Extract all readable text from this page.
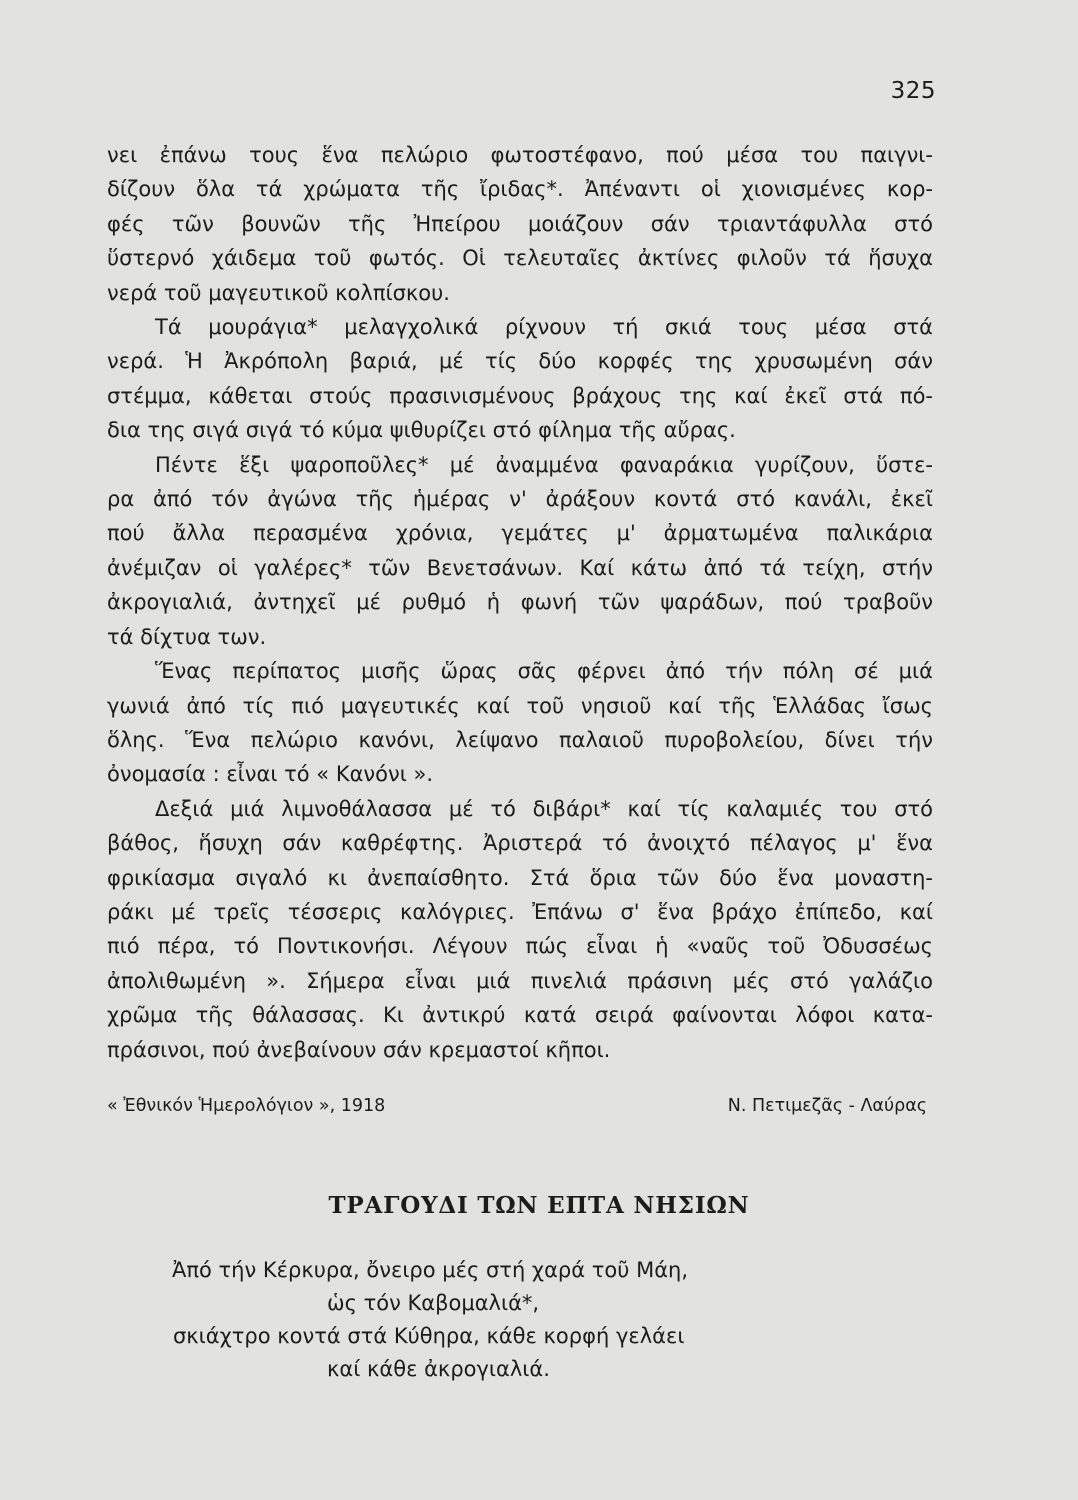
325

νει ἐπάνω τους ἕνα πελώριο φωτοστέφανο, πού μέσα του παιγνι-
δίζουν ὅλα τά χρώματα τῆς ἴριδας*. Ἀπέναντι οἱ χιονισμένες κορ-
φές τῶν βουνῶν τῆς Ἠπείρου μοιάζουν σάν τριαντάφυλλα στό
ὕστερνό χάιδεμα τοῦ φωτός. Οἱ τελευταῖες ἀκτίνες φιλοῦν τά ἥσυχα
νερά τοῦ μαγευτικοῦ κολπίσκου.

Τά μουράγια* μελαγχολικά ρίχνουν τή σκιά τους μέσα στά
νερά. Ἡ Ἀκρόπολη βαριά, μέ τίς δύο κορφές της χρυσωμένη σάν
στέμμα, κάθεται στούς πρασινισμένους βράχους της καί ἐκεῖ στά πό-
δια της σιγά σιγά τό κύμα ψιθυρίζει στό φίλημα τῆς αὔρας.

Πέντε ἕξι ψαροποῦλες* μέ ἀναμμένα φαναράκια γυρίζουν, ὕστε-
ρα ἀπό τόν ἀγώνα τῆς ἡμέρας ν' ἀράξουν κοντά στό κανάλι, ἐκεῖ
πού ἄλλα περασμένα χρόνια, γεμάτες μ' ἀρματωμένα παλικάρια
ἀνέμιζαν οἱ γαλέρες* τῶν Βενετσάνων. Καί κάτω ἀπό τά τείχη, στήν
ἀκρογιαλιά, ἀντηχεῖ μέ ρυθμό ἡ φωνή τῶν ψαράδων, πού τραβοῦν
τά δίχτυα των.

Ἕνας περίπατος μισῆς ὥρας σᾶς φέρνει ἀπό τήν πόλη σέ μιά
γωνιά ἀπό τίς πιό μαγευτικές καί τοῦ νησιοῦ καί τῆς Ἑλλάδας ἴσως
ὅλης. Ἕνα πελώριο κανόνι, λείψανο παλαιοῦ πυροβολείου, δίνει τήν
ὀνομασία : εἶναι τό « Κανόνι ».

Δεξιά μιά λιμνοθάλασσα μέ τό διβάρι* καί τίς καλαμιές του στό
βάθος, ἥσυχη σάν καθρέφτης. Ἀριστερά τό ἀνοιχτό πέλαγος μ' ἕνα
φρικίασμα σιγαλό κι ἀνεπαίσθητο. Στά ὅρια τῶν δύο ἕνα μοναστη-
ράκι μέ τρεῖς τέσσερις καλόγριες. Ἐπάνω σ' ἕνα βράχο ἐπίπεδο, καί
πιό πέρα, τό Ποντικονήσι. Λέγουν πώς εἶναι ἡ «ναῦς τοῦ Ὀδυσσέως
ἀπολιθωμένη ». Σήμερα εἶναι μιά πινελιά πράσινη μές στό γαλάζιο
χρῶμα τῆς θάλασσας. Κι ἀντικρύ κατά σειρά φαίνονται λόφοι κατα-
πράσινοι, πού ἀνεβαίνουν σάν κρεμαστοί κῆποι.

« Ἐθνικόν Ἡμερολόγιον », 1918	Ν. Πετιμεζᾶς - Λαύρας
ΤΡΑΓΟΥΔΙ ΤΩΝ ΕΠΤΑ ΝΗΣΙΩΝ
Ἀπό τήν Κέρκυρα, ὄνειρο μές στή χαρά τοῦ Μάη,
ὡς τόν Καβομαλιά*,
σκιάχτρο κοντά στά Κύθηρα, κάθε κορφή γελάει
καί κάθε ἀκρογιαλιά.
